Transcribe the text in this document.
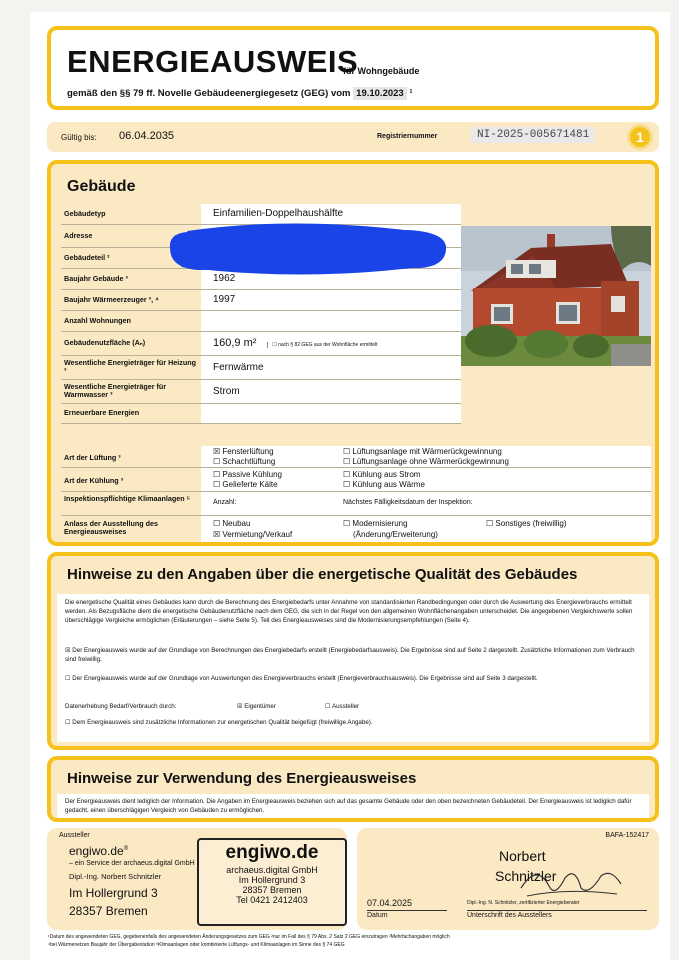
ENERGIEAUSWEIS
für Wohngebäude
gemäß den §§ 79 ff. Novelle Gebäudeenergiegesetz (GEG) vom 19.10.2023 ¹
Gültig bis: 06.04.2035	Registriernummer	NI-2025-005671481	1
Gebäude
Gebäudetyp	Einfamilien-Doppelhaushälfte
Adresse	
Gebäudeteil ²	
Baujahr Gebäude ³	1962
Baujahr Wärmeerzeuger ³, ⁴	1997
Anzahl Wohnungen	
Gebäudenutzfläche (Aₙ)	160,9 m² ☐ nach § 82 GEG aus der Wohnfläche ermittelt
Wesentliche Energieträger für Heizung ³	Fernwärme
Wesentliche Energieträger für Warmwasser ³	Strom
Erneuerbare Energien	
Art der Lüftung ³
☒ Fensterlüftung
☐ Schachtlüftung
☐ Lüftungsanlage mit Wärmerückgewinnung
☐ Lüftungsanlage ohne Wärmerückgewinnung
Art der Kühlung ³
☐ Passive Kühlung
☐ Gelieferte Kälte
☐ Kühlung aus Strom
☐ Kühlung aus Wärme
Inspektionspflichtige Klimaanlagen ⁵	Anzahl:	Nächstes Fälligkeitsdatum der Inspektion:
Anlass der Ausstellung des Energieausweises
☐ Neubau
☒ Vermietung/Verkauf
☐ Modernisierung
(Änderung/Erweiterung)
☐ Sonstiges (freiwillig)
Hinweise zu den Angaben über die energetische Qualität des Gebäudes
Die energetische Qualität eines Gebäudes kann durch die Berechnung des Energiebedarfs unter Annahme von standardisierten Randbedingungen oder durch die Auswertung des Energieverbrauchs ermittelt werden. Als Bezugsfläche dient die energetische Gebäudenutzfläche nach dem GEG, die sich in der Regel von den allgemeinen Wohnflächenangaben unterscheidet. Die angegebenen Vergleichswerte sollen überschlägige Vergleiche ermöglichen (Erläuterungen – siehe Seite 5). Teil des Energieausweises sind die Modernisierungsempfehlungen (Seite 4).
☒ Der Energieausweis wurde auf der Grundlage von Berechnungen des Energiebedarfs erstellt (Energiebedarfsausweis). Die Ergebnisse sind auf Seite 2 dargestellt. Zusätzliche Informationen zum Verbrauch sind freiwillig.
☐ Der Energieausweis wurde auf der Grundlage von Auswertungen des Energieverbrauchs erstellt (Energieverbrauchsausweis). Die Ergebnisse sind auf Seite 3 dargestellt.
Datenerhebung Bedarf/Verbrauch durch:	☒ Eigentümer	☐ Aussteller
☐ Dem Energieausweis sind zusätzliche Informationen zur energetischen Qualität beigefügt (freiwillige Angabe).
Hinweise zur Verwendung des Energieausweises
Der Energieausweis dient lediglich der Information. Die Angaben im Energieausweis beziehen sich auf das gesamte Gebäude oder den oben bezeichneten Gebäudeteil. Der Energieausweis ist lediglich dafür gedacht, einen überschlägigen Vergleich von Gebäuden zu ermöglichen.
Aussteller
engiwo.de®
– ein Service der archaeus.digital GmbH
Dipl.-Ing. Norbert Schnitzler
Im Hollergrund 3
28357 Bremen
engiwo.de
archaeus.digital GmbH
Im Hollergrund 3
28357 Bremen
Tel 0421 2412403
BAFA-152417
07.04.2025
Datum
Norbert
Schnitzler
Dipl.-Ing. N. Schnitzler, zertifizierter Energieberater
Unterschrift des Ausstellers
¹Datum des angewendeten GEG, gegebenenfalls des angewendeten Änderungsgesetzes zum GEG ²nur im Fall des § 79 Abs. 2 Satz 2 GEG einzutragen ³Mehrfachangaben möglich
⁴bei Wärmenetzen Baujahr der Übergabestation ⁵Klimaanlagen oder kombinierte Lüftungs- und Klimaanlagen im Sinne des § 74 GEG
